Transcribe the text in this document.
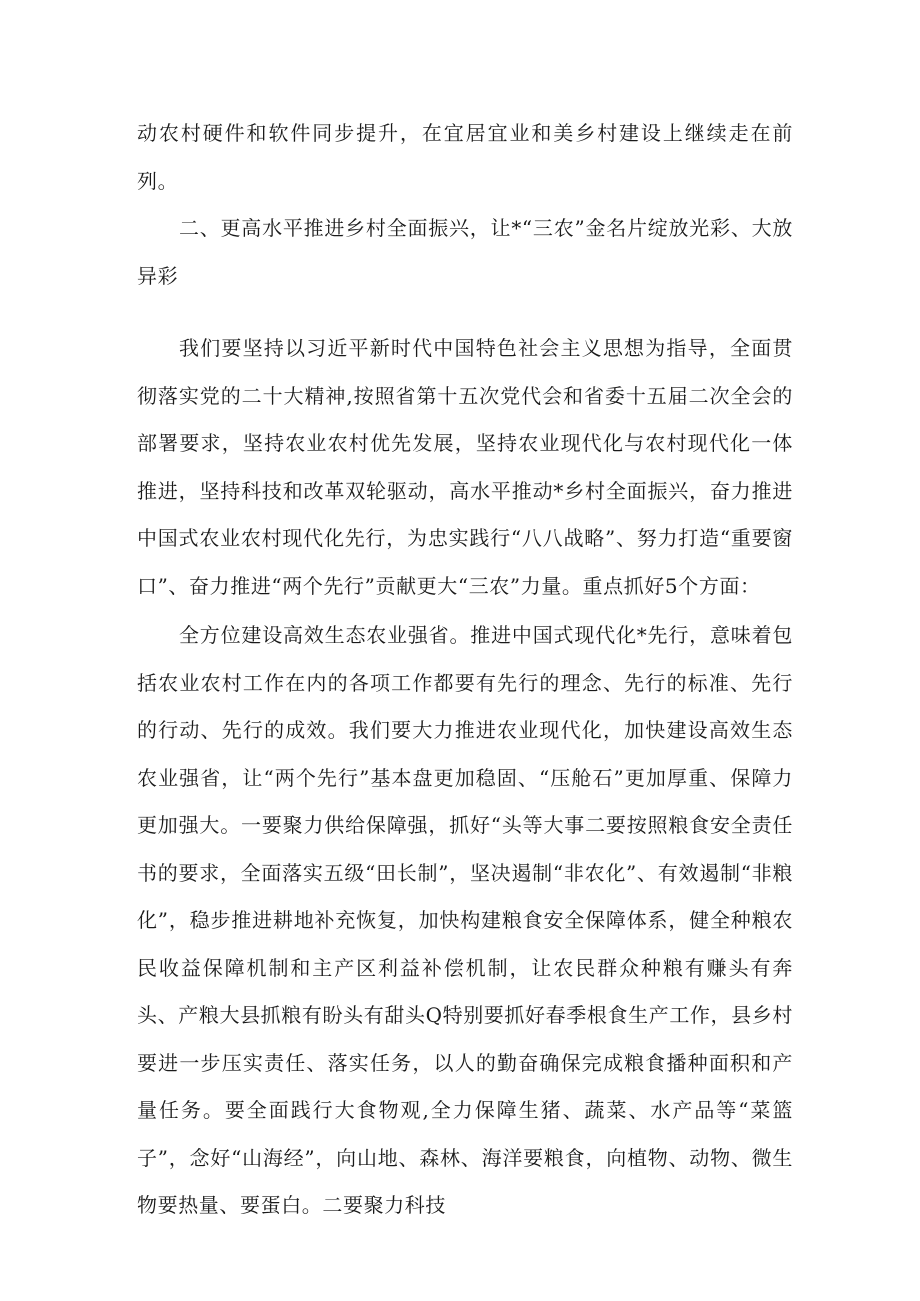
动农村硬件和软件同步提升，在宜居宜业和美乡村建设上继续走在前列。

二、更高水平推进乡村全面振兴，让*“三农”金名片绽放光彩、大放异彩

我们要坚持以习近平新时代中国特色社会主义思想为指导，全面贯彻落实党的二十大精神,按照省第十五次党代会和省委十五届二次全会的部署要求，坚持农业农村优先发展，坚持农业现代化与农村现代化一体推进，坚持科技和改革双轮驱动，高水平推动*乡村全面振兴，奋力推进中国式农业农村现代化先行，为忠实践行“八八战略”、努力打造“重要窗口”、奋力推进“两个先行”贡献更大“三农”力量。重点抓好5个方面：

全方位建设高效生态农业强省。推进中国式现代化*先行，意味着包括农业农村工作在内的各项工作都要有先行的理念、先行的标准、先行的行动、先行的成效。我们要大力推进农业现代化，加快建设高效生态农业强省，让“两个先行”基本盘更加稳固、“压舱石”更加厚重、保障力更加强大。一要聚力供给保障强，抓好“头等大事二要按照粮食安全责任书的要求，全面落实五级“田长制”，坚决遏制“非农化”、有效遏制“非粮化”，稳步推进耕地补充恢复，加快构建粮食安全保障体系，健全种粮农民收益保障机制和主产区利益补偿机制，让农民群众种粮有赚头有奔头、产粮大县抓粮有盼头有甜头Q特别要抓好春季根食生产工作，县乡村要进一步压实责任、落实任务，以人的勤奋确保完成粮食播种面积和产量任务。要全面践行大食物观,全力保障生猪、蔬菜、水产品等“菜篮子”，念好“山海经”，向山地、森林、海洋要粮食，向植物、动物、微生物要热量、要蛋白。二要聚力科技
